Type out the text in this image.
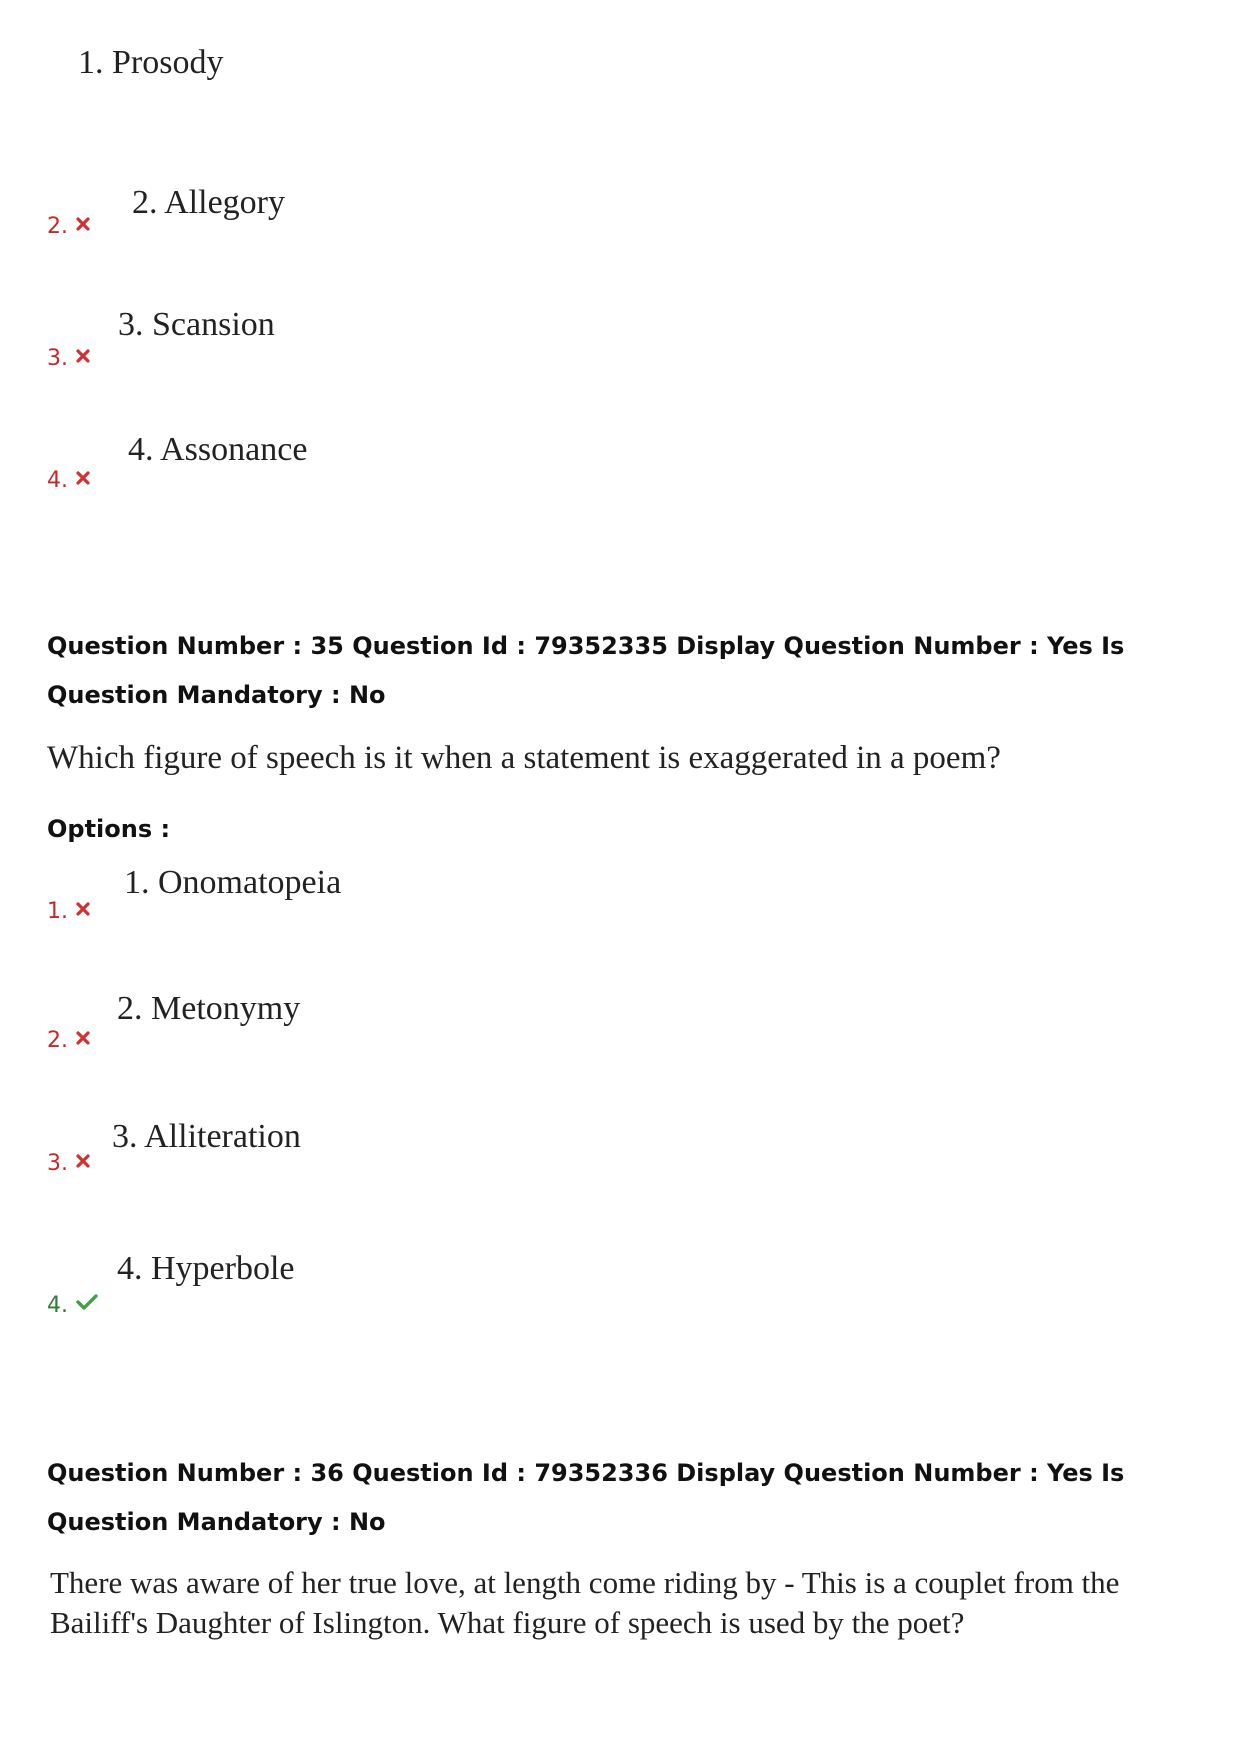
1. Prosody
2.
2. Allegory
3.
3. Scansion
4.
4. Assonance
Question Number : 35 Question Id : 79352335 Display Question Number : Yes Is Question Mandatory : No
Which figure of speech is it when a statement is exaggerated in a poem?
Options :
1.
1. Onomatopeia
2.
2. Metonymy
3.
3. Alliteration
4.
4. Hyperbole
Question Number : 36 Question Id : 79352336 Display Question Number : Yes Is Question Mandatory : No
There was aware of her true love, at length come riding by - This is a couplet from the
Bailiff's Daughter of Islington. What figure of speech is used by the poet?
